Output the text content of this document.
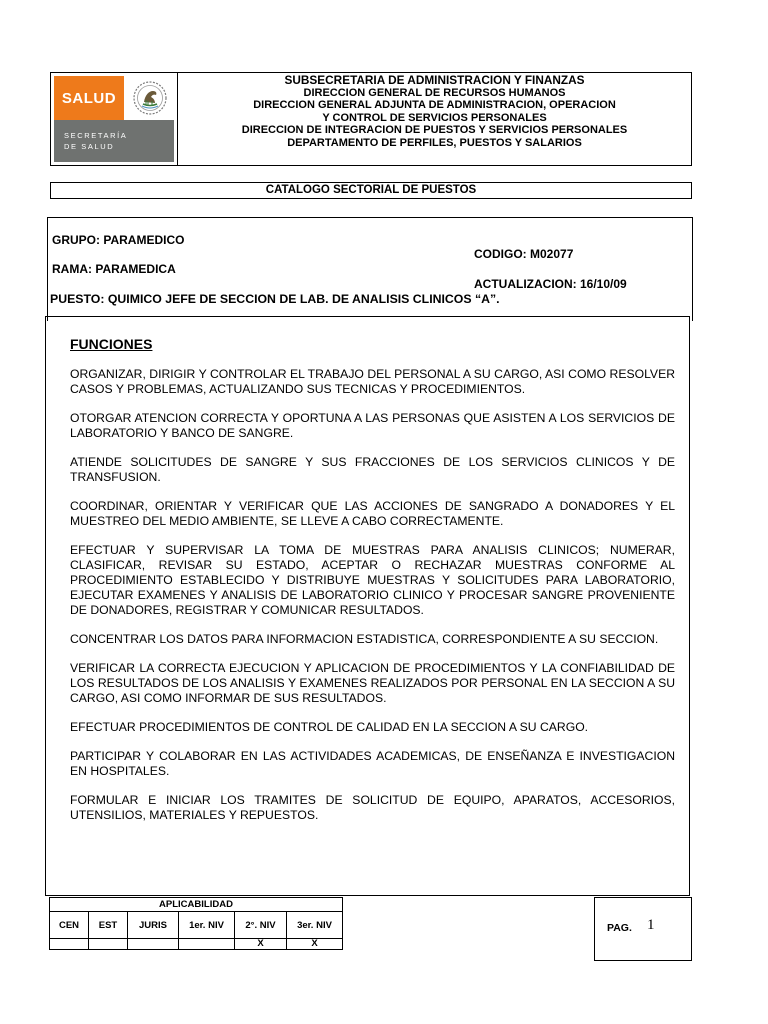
SALUD
SECRETARÍA
DE SALUD
SUBSECRETARIA DE ADMINISTRACION Y FINANZAS
DIRECCION GENERAL DE RECURSOS HUMANOS
DIRECCION GENERAL ADJUNTA DE ADMINISTRACION, OPERACION
Y CONTROL DE SERVICIOS PERSONALES
DIRECCION DE INTEGRACION DE PUESTOS Y SERVICIOS PERSONALES
DEPARTAMENTO DE PERFILES, PUESTOS Y SALARIOS
CATALOGO SECTORIAL DE PUESTOS
GRUPO: PARAMEDICO
CODIGO: M02077
RAMA: PARAMEDICA
ACTUALIZACION: 16/10/09
PUESTO: QUIMICO JEFE DE SECCION DE LAB. DE ANALISIS CLINICOS “A”.
FUNCIONES

ORGANIZAR, DIRIGIR Y CONTROLAR EL TRABAJO DEL PERSONAL A SU CARGO, ASI COMO RESOLVER CASOS Y PROBLEMAS, ACTUALIZANDO SUS TECNICAS Y PROCEDIMIENTOS.

OTORGAR ATENCION CORRECTA Y OPORTUNA A LAS PERSONAS QUE ASISTEN A LOS SERVICIOS DE LABORATORIO Y BANCO DE SANGRE.

ATIENDE SOLICITUDES DE SANGRE Y SUS FRACCIONES DE LOS SERVICIOS CLINICOS Y DE TRANSFUSION.

COORDINAR, ORIENTAR Y VERIFICAR QUE LAS ACCIONES DE SANGRADO A DONADORES Y EL MUESTREO DEL MEDIO AMBIENTE, SE LLEVE A CABO CORRECTAMENTE.

EFECTUAR Y SUPERVISAR LA TOMA DE MUESTRAS PARA ANALISIS CLINICOS; NUMERAR, CLASIFICAR, REVISAR SU ESTADO, ACEPTAR O RECHAZAR MUESTRAS CONFORME AL PROCEDIMIENTO ESTABLECIDO Y DISTRIBUYE MUESTRAS Y SOLICITUDES PARA LABORATORIO, EJECUTAR EXAMENES Y ANALISIS DE LABORATORIO CLINICO Y PROCESAR SANGRE PROVENIENTE DE DONADORES, REGISTRAR Y COMUNICAR RESULTADOS.

CONCENTRAR LOS DATOS PARA INFORMACION ESTADISTICA, CORRESPONDIENTE A SU SECCION.

VERIFICAR LA CORRECTA EJECUCION Y APLICACION DE PROCEDIMIENTOS Y LA CONFIABILIDAD DE LOS RESULTADOS DE LOS ANALISIS Y EXAMENES REALIZADOS POR PERSONAL EN LA SECCION A SU CARGO, ASI COMO INFORMAR DE SUS RESULTADOS.

EFECTUAR PROCEDIMIENTOS DE CONTROL DE CALIDAD EN LA SECCION A SU CARGO.

PARTICIPAR Y COLABORAR EN LAS ACTIVIDADES ACADEMICAS, DE ENSEÑANZA E INVESTIGACION EN HOSPITALES.

FORMULAR E INICIAR LOS TRAMITES DE SOLICITUD DE EQUIPO, APARATOS, ACCESORIOS, UTENSILIOS, MATERIALES Y REPUESTOS.

APLICABILIDAD					
CEN	EST	JURIS	1er. NIV	2°. NIV	3er. NIV
				X	X
PAG. 1
